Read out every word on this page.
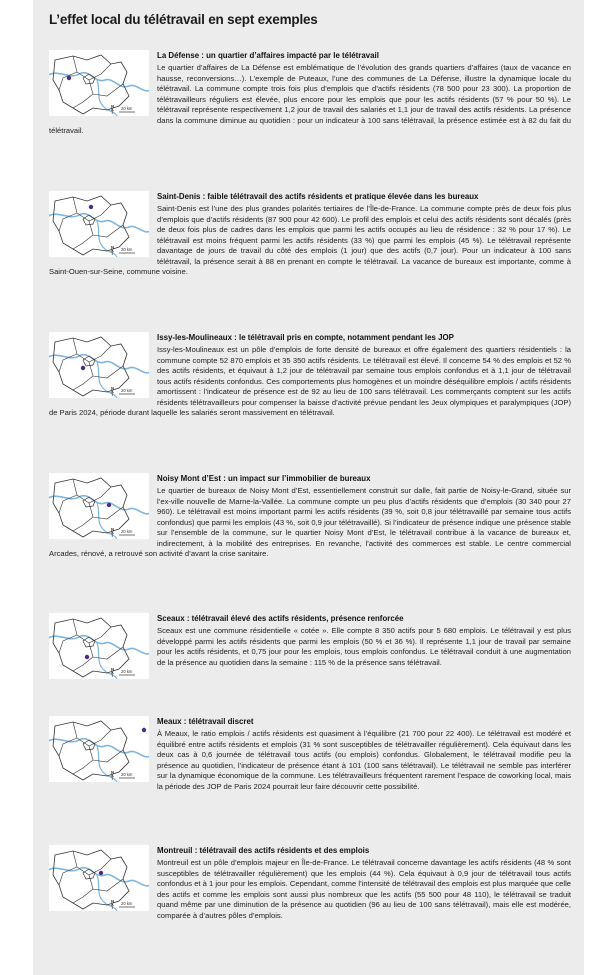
L’effet local du télétravail en sept exemples
20 km
N
La Défense : un quartier d’affaires impacté par le télétravail
Le quartier d’affaires de La Défense est emblématique de l’évolution des grands quartiers d’affaires (taux de vacance en hausse, reconversions…). L’exemple de Puteaux, l’une des communes de La Défense, illustre la dynamique locale du télétravail. La commune compte trois fois plus d’emplois que d’actifs résidents (78 500 pour 23 300). La proportion de télétravailleurs réguliers est élevée, plus encore pour les emplois que pour les actifs résidents (57 % pour 50 %). Le télétravail représente respectivement 1,2 jour de travail des salariés et 1,1 jour de travail des actifs résidents. La présence dans la commune diminue au quotidien : pour un indicateur à 100 sans télétravail, la présence estimée est à 82 du fait du télétravail.
20 km
N
Saint-Denis : faible télétravail des actifs résidents et pratique élevée dans les bureaux
Saint-Denis est l’une des plus grandes polarités tertiaires de l’Île-de-France. La commune compte près de deux fois plus d’emplois que d’actifs résidents (87 900 pour 42 600). Le profil des emplois et celui des actifs résidents sont décalés (près de deux fois plus de cadres dans les emplois que parmi les actifs occupés au lieu de résidence : 32 % pour 17 %). Le télétravail est moins fréquent parmi les actifs résidents (33 %) que parmi les emplois (45 %). Le télétravail représente davantage de jours de travail du côté des emplois (1 jour) que des actifs (0,7 jour). Pour un indicateur à 100 sans télétravail, la présence serait à 88 en prenant en compte le télétravail. La vacance de bureaux est importante, comme à Saint-Ouen-sur-Seine, commune voisine.
20 km
N
Issy-les-Moulineaux : le télétravail pris en compte, notamment pendant les JOP
Issy-les-Moulineaux est un pôle d’emplois de forte densité de bureaux et offre également des quartiers résidentiels : la commune compte 52 870 emplois et 35 350 actifs résidents. Le télétravail est élevé. Il concerne 54 % des emplois et 52 % des actifs résidents, et équivaut à 1,2 jour de télétravail par semaine tous emplois confondus et à 1,1 jour de télétravail tous actifs résidents confondus. Ces comportements plus homogènes et un moindre déséquilibre emplois / actifs résidents amortissent : l’indicateur de présence est de 92 au lieu de 100 sans télétravail. Les commerçants comptent sur les actifs résidents télétravailleurs pour compenser la baisse d’activité prévue pendant les Jeux olympiques et paralympiques (JOP) de Paris 2024, période durant laquelle les salariés seront massivement en télétravail.
20 km
N
Noisy Mont d’Est : un impact sur l’immobilier de bureaux
Le quartier de bureaux de Noisy Mont d’Est, essentiellement construit sur dalle, fait partie de Noisy-le-Grand, située sur l’ex-ville nouvelle de Marne-la-Vallée. La commune compte un peu plus d’actifs résidents que d’emplois (30 340 pour 27 960). Le télétravail est moins important parmi les actifs résidents (39 %, soit 0,8 jour télétravaillé par semaine tous actifs confondus) que parmi les emplois (43 %, soit 0,9 jour télétravaillé). Si l’indicateur de présence indique une présence stable sur l’ensemble de la commune, sur le quartier Noisy Mont d’Est, le télétravail contribue à la vacance de bureaux et, indirectement, à la mobilité des entreprises. En revanche, l’activité des commerces est stable. Le centre commercial Arcades, rénové, a retrouvé son activité d’avant la crise sanitaire.
20 km
N
Sceaux : télétravail élevé des actifs résidents, présence renforcée
Sceaux est une commune résidentielle « cotée ». Elle compte 8 350 actifs pour 5 680 emplois. Le télétravail y est plus développé parmi les actifs résidents que parmi les emplois (50 % et 36 %). Il représente 1,1 jour de travail par semaine pour les actifs résidents, et 0,75 jour pour les emplois, tous emplois confondus. Le télétravail conduit à une augmentation de la présence au quotidien dans la semaine : 115 % de la présence sans télétravail.
20 km
N
Meaux : télétravail discret
À Meaux, le ratio emplois / actifs résidents est quasiment à l’équilibre (21 700 pour 22 400). Le télétravail est modéré et équilibré entre actifs résidents et emplois (31 % sont susceptibles de télétravailler régulièrement). Cela équivaut dans les deux cas à 0,6 journée de télétravail tous actifs (ou emplois) confondus. Globalement, le télétravail modifie peu la présence au quotidien, l’indicateur de présence étant à 101 (100 sans télétravail). Le télétravail ne semble pas interférer sur la dynamique économique de la commune. Les télétravailleurs fréquentent rarement l’espace de coworking local, mais la période des JOP de Paris 2024 pourrait leur faire découvrir cette possibilité.
20 km
N
Montreuil : télétravail des actifs résidents et des emplois
Montreuil est un pôle d’emplois majeur en Île-de-France. Le télétravail concerne davantage les actifs résidents (48 % sont susceptibles de télétravailler régulièrement) que les emplois (44 %). Cela équivaut à 0,9 jour de télétravail tous actifs confondus et à 1 jour pour les emplois. Cependant, comme l’intensité de télétravail des emplois est plus marquée que celle des actifs et comme les emplois sont aussi plus nombreux que les actifs (55 500 pour 48 110), le télétravail se traduit quand même par une diminution de la présence au quotidien (96 au lieu de 100 sans télétravail), mais elle est modérée, comparée à d’autres pôles d’emplois.
